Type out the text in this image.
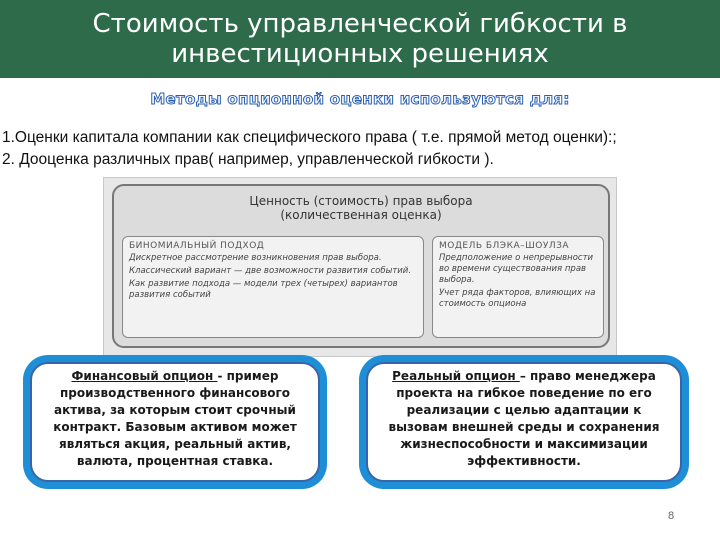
Стоимость управленческой гибкости в
инвестиционных решениях
Методы опционной оценки используются для:
1.Оценки капитала компании как специфического права ( т.е. прямой метод оценки):;
2. Дооценка различных прав( например, управленческой гибкости ).
Ценность (стоимость) прав выбора
(количественная оценка)
БИНОМИАЛЬНЫЙ ПОДХОД

Дискретное рассмотрение возникновения прав выбора.

Классический вариант — две возможности развития событий.

Как развитие подхода — модели трех (четырех) вариантов развития событий

МОДЕЛЬ БЛЭКА–ШОУЛЗА

Предположение о непрерывности во времени существования прав выбора.

Учет ряда факторов, влияющих на стоимость опциона

Финансовый опцион - пример производственного финансового актива, за которым стоит срочный контракт. Базовым активом может являться акция, реальный актив, валюта, процентная ставка.
Реальный опцион – право менеджера проекта на гибкое поведение по его реализации с целью адаптации к вызовам внешней среды и сохранения жизнеспособности и максимизации эффективности.
8
